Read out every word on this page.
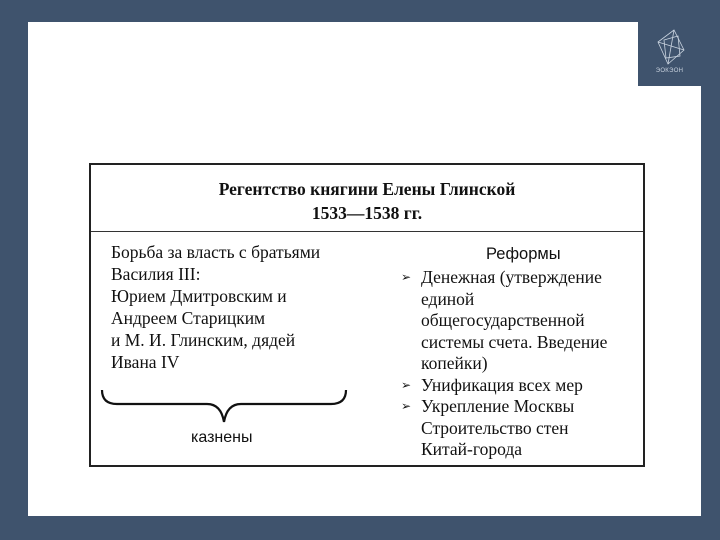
ЭОКЭОН
Регентство княгини Елены Глинской
1533—1538 гг.
Борьба за власть с братьями
Василия III:
Юрием Дмитровским и
Андреем Старицким
и М. И. Глинским, дядей
Ивана IV
казнены
Реформы
➢ Денежная (утверждение
единой
общегосударственной
системы счета. Введение
копейки)
➢ Унификация всех мер
➢ Укрепление Москвы
Строительство стен
Китай-города
